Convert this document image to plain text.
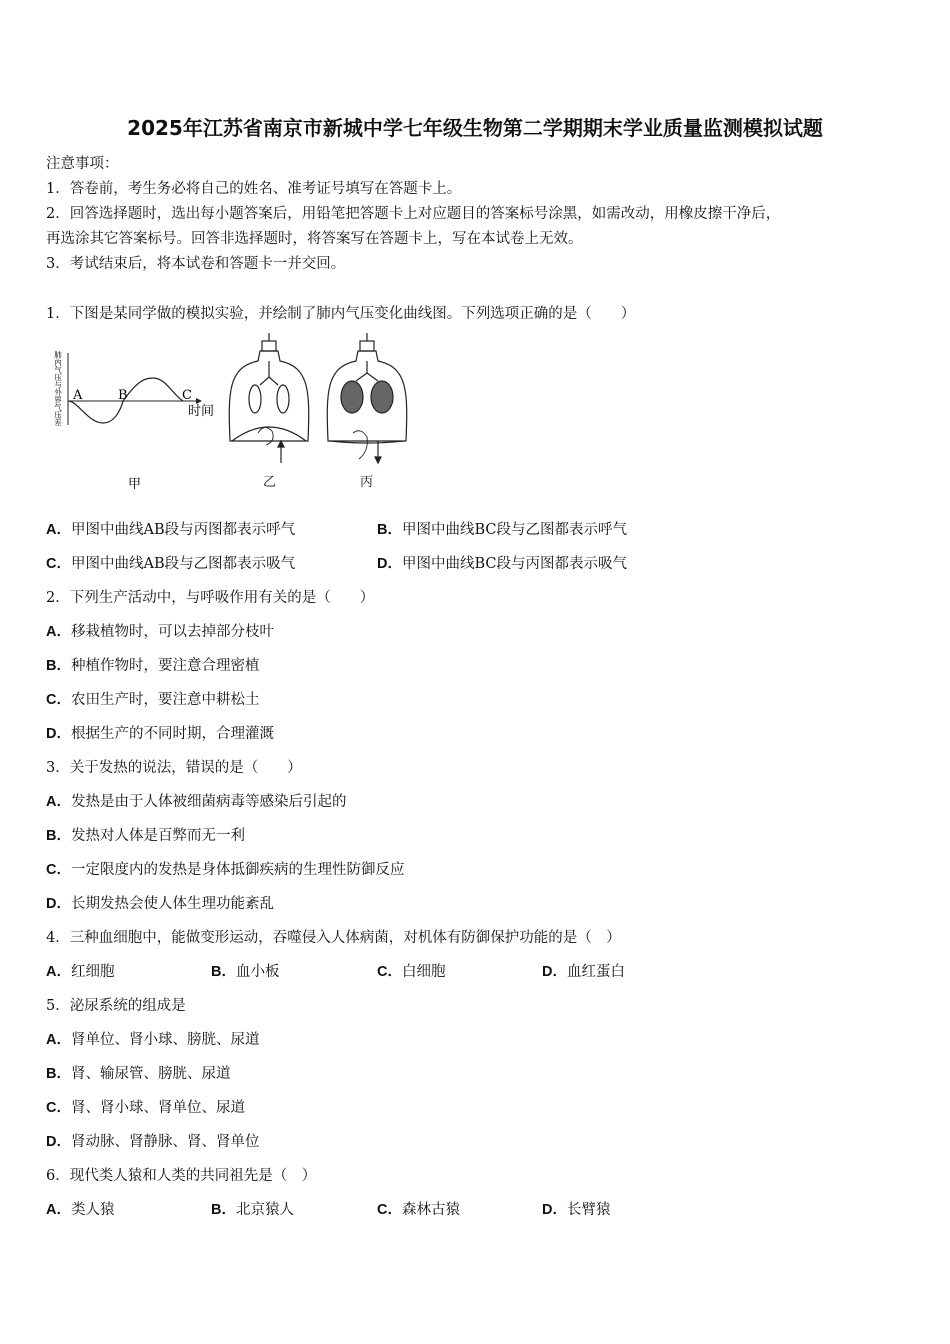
2025年江苏省南京市新城中学七年级生物第二学期期末学业质量监测模拟试题
注意事项：
1．答卷前，考生务必将自己的姓名、准考证号填写在答题卡上。
2．回答选择题时，选出每小题答案后，用铅笔把答题卡上对应题目的答案标号涂黑，如需改动，用橡皮擦干净后，
再选涂其它答案标号。回答非选择题时，将答案写在答题卡上，写在本试卷上无效。
3．考试结束后，将本试卷和答题卡一并交回。
1．下图是某同学做的模拟实验，并绘制了肺内气压变化曲线图。下列选项正确的是（　　）
A	B	C
时间
肺内气压与外界气压差
甲	乙	丙
A．甲图中曲线AB段与丙图都表示呼气	B．甲图中曲线BC段与乙图都表示呼气
C．甲图中曲线AB段与乙图都表示吸气	D．甲图中曲线BC段与丙图都表示吸气
2．下列生产活动中，与呼吸作用有关的是（　　）
A．移栽植物时，可以去掉部分枝叶
B．种植作物时，要注意合理密植
C．农田生产时，要注意中耕松土
D．根据生产的不同时期，合理灌溉
3．关于发热的说法，错误的是（　　）
A．发热是由于人体被细菌病毒等感染后引起的
B．发热对人体是百弊而无一利
C．一定限度内的发热是身体抵御疾病的生理性防御反应
D．长期发热会使人体生理功能紊乱
4．三种血细胞中，能做变形运动，吞噬侵入人体病菌，对机体有防御保护功能的是（　）
A．红细胞	B．血小板	C．白细胞	D．血红蛋白
5．泌尿系统的组成是
A．肾单位、肾小球、膀胱、尿道
B．肾、输尿管、膀胱、尿道
C．肾、肾小球、肾单位、尿道
D．肾动脉、肾静脉、肾、肾单位
6．现代类人猿和人类的共同祖先是（　）
A．类人猿	B．北京猿人	C．森林古猿	D．长臂猿
